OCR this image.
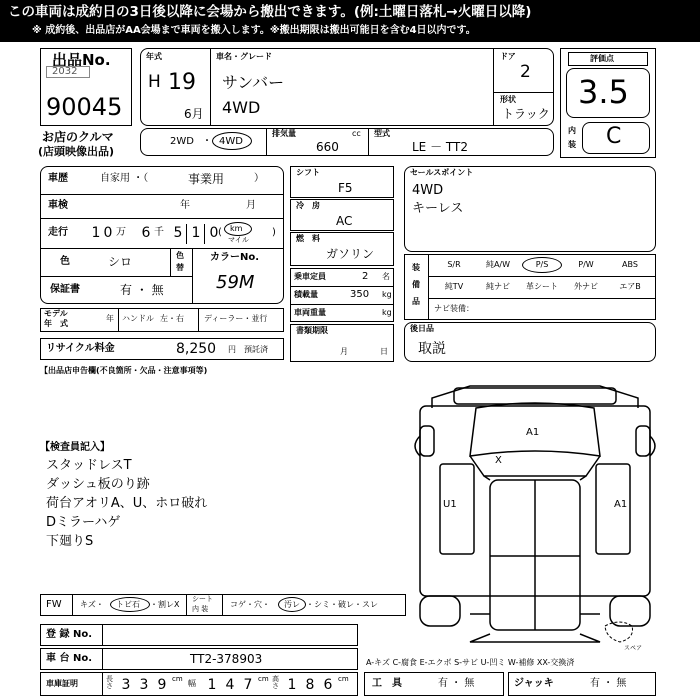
この車両は成約日の3日後以降に会場から搬出できます。(例:土曜日落札→火曜日以降)
※ 成約後、出品店がAA会場まで車両を搬入します。※搬出期限は搬出可能日を含む4日以内です。
出品No.
2032
90045
お店のクルマ
(店頭映像出品)
年式
H 19
6月
車名・グレード
サンバー
4WD
ドア
2
形状
トラック
評価点
3.5
内
装 C
2WD ・ 4WD
排気量	cc
660
型式
LE － TT2
車歴	自家用 ・（	事業用	）
車検	年	月
走行 1 0 万 6 千 5 1 0 km
マイル
(	)
色	シロ	色
替
カラーNo.
59M
保証書	有 ・ 無
モデル
年　式
年 ハンドル 左・右	ディーラー・並行
リサイクル料金	8,250 円 預託済
【出品店申告欄(不良箇所・欠品・注意事項等)
シフト
F5
冷　房
AC
燃　料
ガソリン
乗車定員	2 名
積載量	350 kg
車両重量	kg
書類期限
月	日
セールスポイント
4WD
キーレス
装
備
品
S/R	純A/W	P/S	P/W	ABS
純TV	純ナビ	革シート	外ナビ	エアB
ナビ装備：
後日品
取説
【検査員記入】
スタッドレスT
ダッシュ板のり跡
荷台アオリA、U、ホロ破れ
Dミラーハゲ
下廻りS
A1
X
U1	A1
スペア
FW キズ・ トビ石 ・割レX
シート
内 装	コゲ・穴・ 汚レ ・シミ・破レ・スレ
登 録 No.
車 台 No.	TT2-378903	A-キズ C-腐食 E-エクボ S-サビ U-凹ミ W-補修 XX-交換済
車庫証明	長さ 3 3 9 cm 幅 1 4 7 cm 高さ 1 8 6 cm 工　具	有 ・ 無	ジャッキ	有 ・ 無
